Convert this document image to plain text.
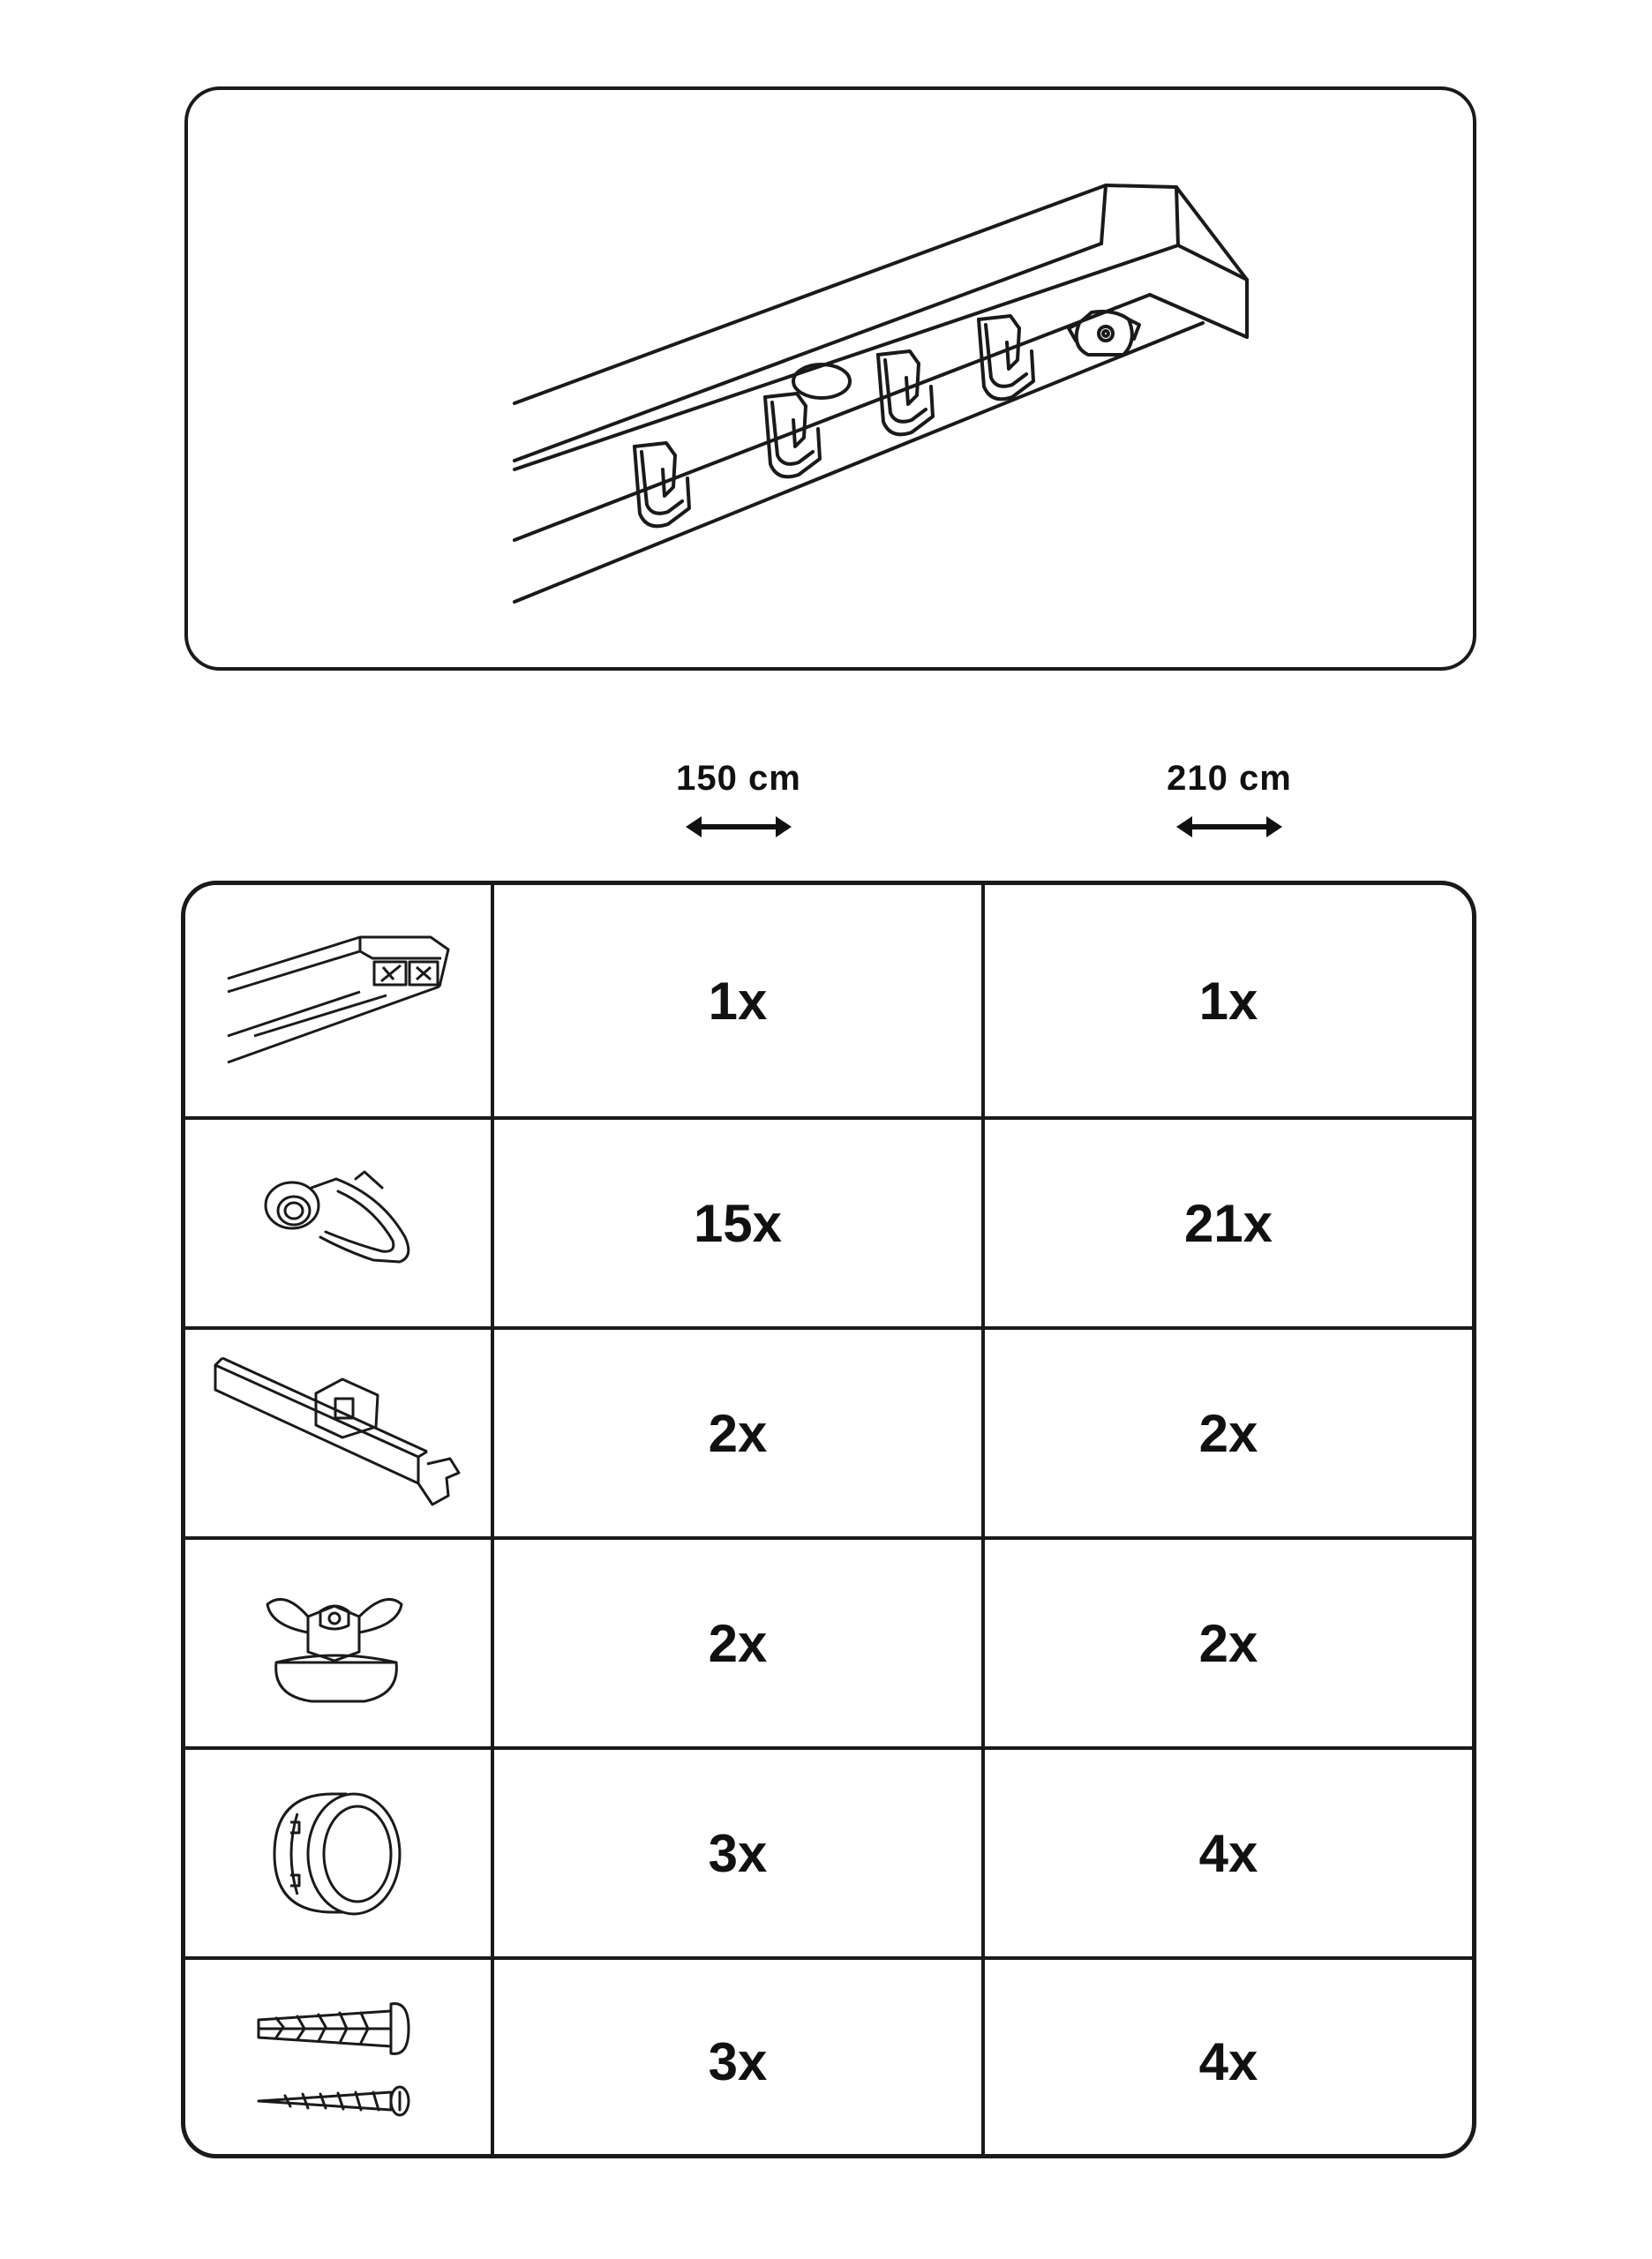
150 cm	210 cm
1x	1x
15x	21x
2x	2x
2x	2x
3x	4x
3x	4x
